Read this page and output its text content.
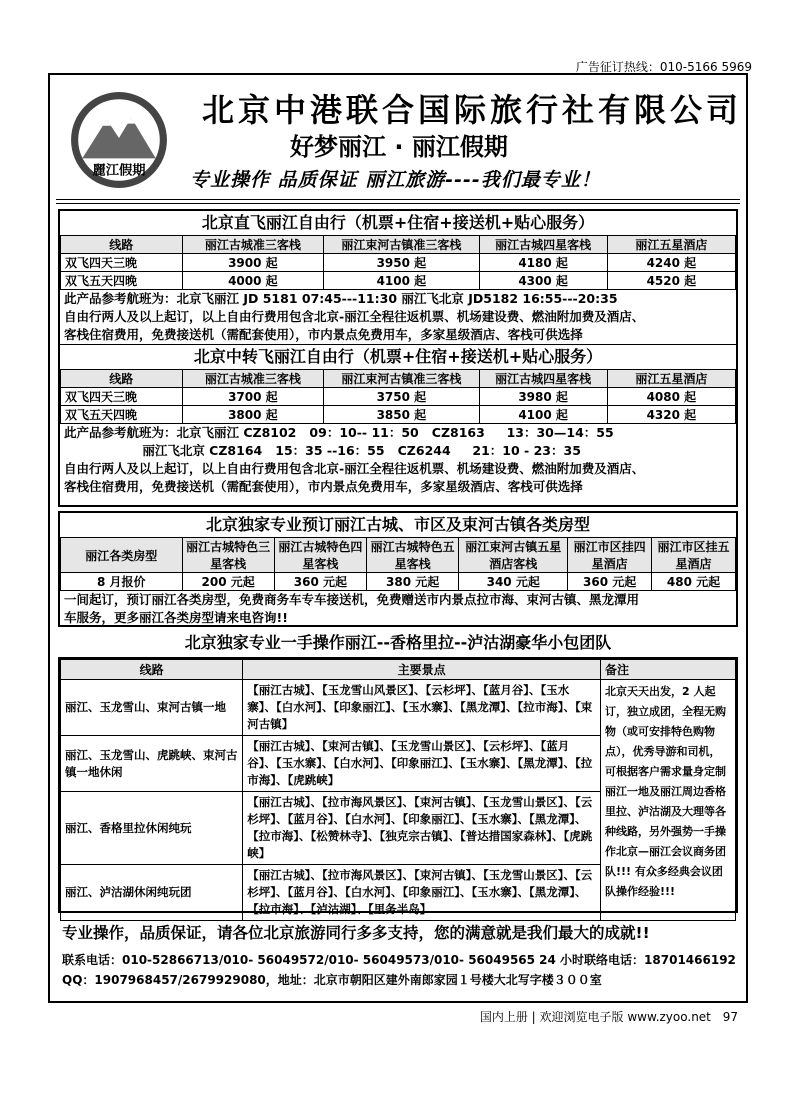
广告征订热线：010-5166 5969
麗江假期
北京中港联合国际旅行社有限公司
好梦丽江 · 丽江假期
专业操作 品质保证 丽江旅游----我们最专业！
北京直飞丽江自由行（机票+住宿+接送机+贴心服务）
线路	丽江古城准三客栈	丽江束河古镇准三客栈	丽江古城四星客栈	丽江五星酒店
双飞四天三晚	3900 起	3950 起	4180 起	4240 起
双飞五天四晚	4000 起	4100 起	4300 起	4520 起
此产品参考航班为：北京飞丽江 JD 5181 07:45---11:30 丽江飞北京 JD5182 16:55---20:35
自由行两人及以上起订，以上自由行费用包含北京-丽江全程往返机票、机场建设费、燃油附加费及酒店、
客栈住宿费用，免费接送机（需配套使用），市内景点免费用车，多家星级酒店、客栈可供选择
北京中转飞丽江自由行（机票+住宿+接送机+贴心服务）
线路	丽江古城准三客栈	丽江束河古镇准三客栈	丽江古城四星客栈	丽江五星酒店
双飞四天三晚	3700 起	3750 起	3980 起	4080 起
双飞五天四晚	3800 起	3850 起	4100 起	4320 起
此产品参考航班为：北京飞丽江 CZ8102   09：10-- 11：50   CZ8163     13：30—14：55
丽江飞北京 CZ8164   15：35 --16：55   CZ6244     21：10 - 23：35
自由行两人及以上起订，以上自由行费用包含北京-丽江全程往返机票、机场建设费、燃油附加费及酒店、
客栈住宿费用，免费接送机（需配套使用），市内景点免费用车，多家星级酒店、客栈可供选择
北京独家专业预订丽江古城、市区及束河古镇各类房型
丽江各类房型	丽江古城特色三星客栈	丽江古城特色四星客栈	丽江古城特色五星客栈	丽江束河古镇五星酒店客栈	丽江市区挂四星酒店	丽江市区挂五星酒店
8 月报价	200 元起	360 元起	380 元起	340 元起	360 元起	480 元起
一间起订，预订丽江各类房型，免费商务车专车接送机，免费赠送市内景点拉市海、束河古镇、黑龙潭用
车服务，更多丽江各类房型请来电咨询!!
北京独家专业一手操作丽江--香格里拉--泸沽湖豪华小包团队
线路	主要景点	备注
丽江、玉龙雪山、束河古镇一地	【丽江古城】、【玉龙雪山风景区】、【云杉坪】、【蓝月谷】、【玉水寨】、【白水河】、【印象丽江】、【玉水寨】、【黑龙潭】、【拉市海】、【束河古镇】	北京天天出发，2 人起订，独立成团，全程无购物（或可安排特色购物点），优秀导游和司机，可根据客户需求量身定制丽江一地及丽江周边香格里拉、泸沽湖及大理等各种线路，另外强势一手操作北京—丽江会议商务团队!!! 有众多经典会议团队操作经验!!!
丽江、玉龙雪山、虎跳峡、束河古镇一地休闲	【丽江古城】、【束河古镇】、【玉龙雪山景区】、【云杉坪】、【蓝月谷】、【玉水寨】、【白水河】、【印象丽江】、【玉水寨】、【黑龙潭】、【拉市海】、【虎跳峡】	
丽江、香格里拉休闲纯玩	【丽江古城】、【拉市海风景区】、【束河古镇】、【玉龙雪山景区】、【云杉坪】、【蓝月谷】、【白水河】、【印象丽江】、【玉水寨】、【黑龙潭】、【拉市海】、【松赞林寺】、【独克宗古镇】、【普达措国家森林】、【虎跳峡】	
丽江、泸沽湖休闲纯玩团	【丽江古城】、【拉市海风景区】、【束河古镇】、【玉龙雪山景区】、【云杉坪】、【蓝月谷】、【白水河】、【印象丽江】、【玉水寨】、【黑龙潭】、【拉市海】、【泸沽湖】、【里务半岛】	
专业操作，品质保证，请各位北京旅游同行多多支持，您的满意就是我们最大的成就!!
联系电话：010-52866713/010- 56049572/010- 56049573/010- 56049565 24 小时联络电话：18701466192
QQ：1907968457/2679929080，地址：北京市朝阳区建外南郎家园１号楼大北写字楼３００室
国内上册 | 欢迎浏览电子版 www.zyoo.net 97
